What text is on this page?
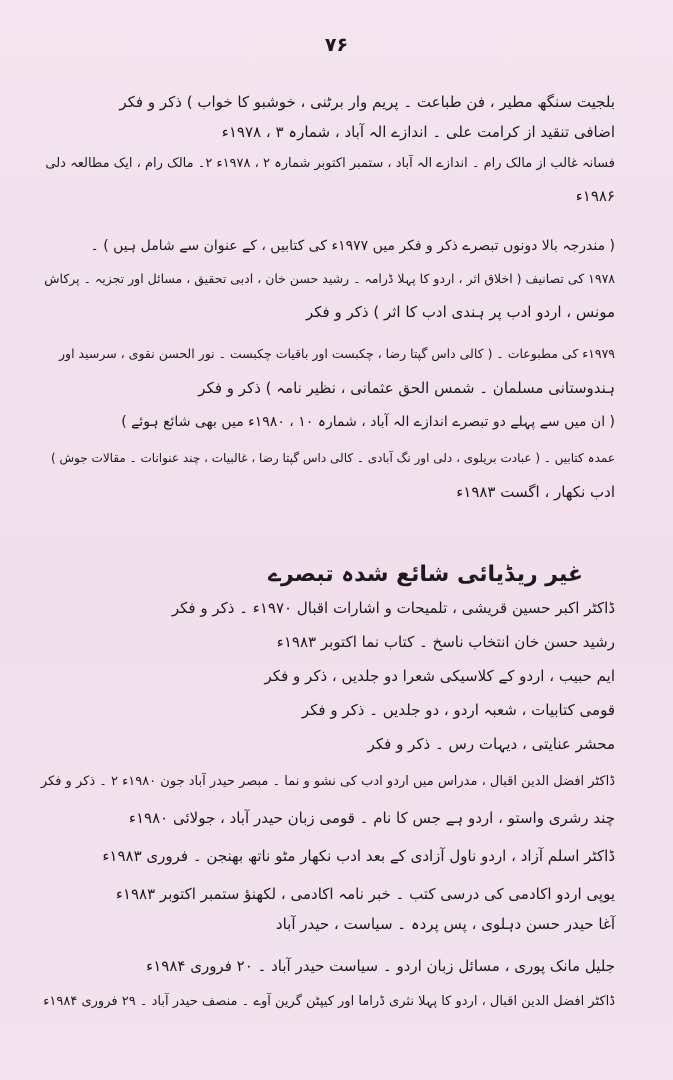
۷۶
بلجیت سنگھ مطیر ، فن طباعت ۔ پریم وار برٹنی ، خوشبو کا خواب ) ذکر و فکر
اضافی تنقید از کرامت علی ۔ اندازے الہ آباد ، شمارہ ۳ ، ۱۹۷۸ء
فسانہ غالب از مالک رام ۔ اندازے الہ آباد ، ستمبر اکتوبر شمارہ ۲ ، ۱۹۷۸ء ۲۔ مالک رام ، ایک مطالعہ دلی
۱۹۸۶ء
( مندرجہ بالا دونوں تبصرے ذکر و فکر میں ۱۹۷۷ء کی کتابیں ، کے عنوان سے شامل ہیں ) ۔
۱۹۷۸ کی تصانیف ( اخلاق اثر ، اردو کا پہلا ڈرامہ ۔ رشید حسن خان ، ادبی تحقیق ، مسائل اور تجزیہ ۔ پرکاش
مونس ، اردو ادب پر ہندی ادب کا اثر ) ذکر و فکر
۱۹۷۹ء کی مطبوعات ۔ ( کالی داس گپتا رضا ، چکبست اور باقیات چکبست ۔ نور الحسن نقوی ، سرسید اور
ہندوستانی مسلمان ۔ شمس الحق عثمانی ، نظیر نامہ ) ذکر و فکر
( ان میں سے پہلے دو تبصرے اندازے الہ آباد ، شمارہ ۱۰ ، ۱۹۸۰ء میں بھی شائع ہوئے )
عمدہ کتابیں ۔ ( عبادت بریلوی ، دلی اور نگ آبادی ۔ کالی داس گپتا رضا ، غالبیات ، چند عنوانات ۔ مقالات جوش )
ادب نکھار ، اگست ۱۹۸۳ء
غیر ریڈیائی شائع شدہ تبصرے
ڈاکٹر اکبر حسین قریشی ، تلمیحات و اشارات اقبال ۱۹۷۰ء ۔ ذکر و فکر
رشید حسن خان انتخاب ناسخ ۔ کتاب نما اکتوبر ۱۹۸۳ء
ایم حبیب ، اردو کے کلاسیکی شعرا دو جلدیں ، ذکر و فکر
قومی کتابیات ، شعبہ اردو ، دو جلدیں ۔ ذکر و فکر
محشر عنایتی ، دیہات رس ۔ ذکر و فکر
ڈاکٹر افضل الدین اقبال ، مدراس میں اردو ادب کی نشو و نما ۔ مبصر حیدر آباد جون ۱۹۸۰ء ۲ ۔ ذکر و فکر
چند رشری واستو ، اردو ہے جس کا نام ۔ قومی زبان حیدر آباد ، جولائی ۱۹۸۰ء
ڈاکٹر اسلم آزاد ، اردو ناول آزادی کے بعد ادب نکھار مٹو ناتھ بھنجن ۔ فروری ۱۹۸۳ء
یوپی اردو اکادمی کی درسی کتب ۔ خبر نامہ اکادمی ، لکھنؤ ستمبر اکتوبر ۱۹۸۳ء
آغا حیدر حسن دہلوی ، پس پردہ ۔ سیاست ، حیدر آباد
جلیل مانک پوری ، مسائل زبان اردو ۔ سیاست حیدر آباد ۔ ۲۰ فروری ۱۹۸۴ء
ڈاکٹر افضل الدین اقبال ، اردو کا پہلا نثری ڈراما اور کیپٹن گرین آوے ۔ منصف حیدر آباد ۔ ۲۹ فروری ۱۹۸۴ء
